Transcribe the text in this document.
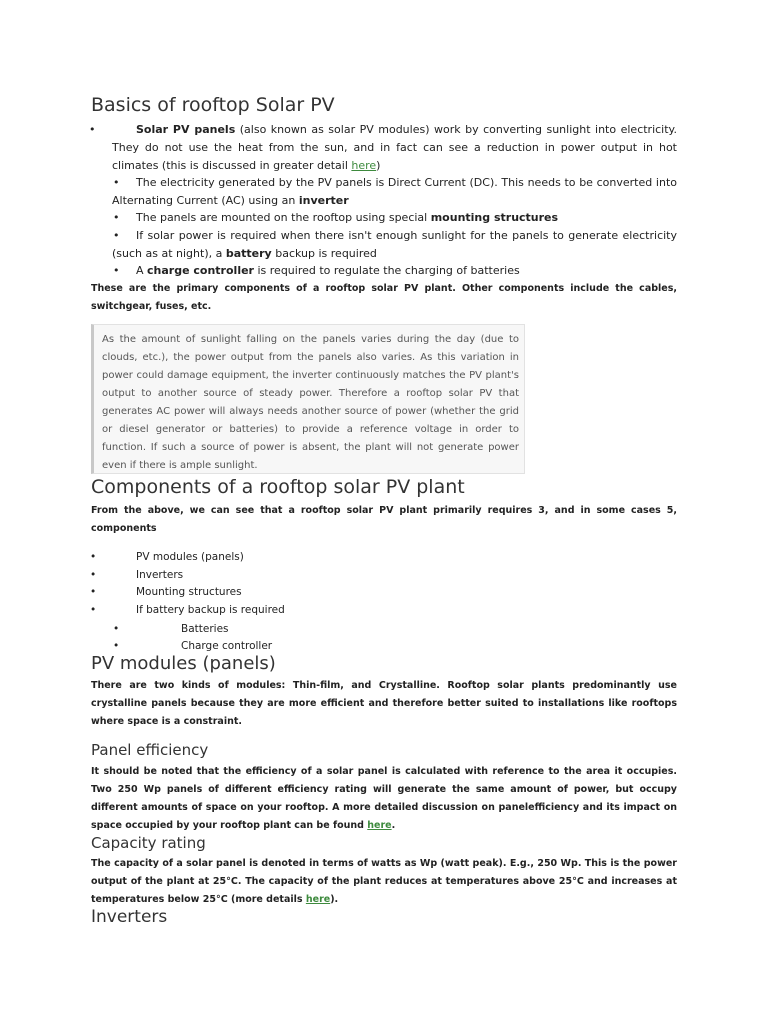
Basics of rooftop Solar PV
•	Solar PV panels (also known as solar PV modules) work by converting sunlight into electricity. They do not use the heat from the sun, and in fact can see a reduction in power output in hot climates (this is discussed in greater detail here)
• The electricity generated by the PV panels is Direct Current (DC). This needs to be converted into Alternating Current (AC) using an inverter
• The panels are mounted on the rooftop using special mounting structures
• If solar power is required when there isn't enough sunlight for the panels to generate electricity (such as at night), a battery backup is required
• A charge controller is required to regulate the charging of batteries
These are the primary components of a rooftop solar PV plant. Other components include the cables, switchgear, fuses, etc.
As the amount of sunlight falling on the panels varies during the day (due to clouds, etc.), the power output from the panels also varies. As this variation in power could damage equipment, the inverter continuously matches the PV plant's output to another source of steady power. Therefore a rooftop solar PV that generates AC power will always needs another source of power (whether the grid or diesel generator or batteries) to provide a reference voltage in order to function. If such a source of power is absent, the plant will not generate power even if there is ample sunlight.
Components of a rooftop solar PV plant
From the above, we can see that a rooftop solar PV plant primarily requires 3, and in some cases 5, components
•	PV modules (panels)
•	Inverters
•	Mounting structures
•	If battery backup is required
•	Batteries
•	Charge controller
PV modules (panels)
There are two kinds of modules: Thin-film, and Crystalline. Rooftop solar plants predominantly use crystalline panels because they are more efficient and therefore better suited to installations like rooftops where space is a constraint.
Panel efficiency
It should be noted that the efficiency of a solar panel is calculated with reference to the area it occupies. Two 250 Wp panels of different efficiency rating will generate the same amount of power, but occupy different amounts of space on your rooftop. A more detailed discussion on panelefficiency and its impact on space occupied by your rooftop plant can be found here.
Capacity rating
The capacity of a solar panel is denoted in terms of watts as Wp (watt peak). E.g., 250 Wp. This is the power output of the plant at 25°C. The capacity of the plant reduces at temperatures above 25°C and increases at temperatures below 25°C (more details here).
Inverters
